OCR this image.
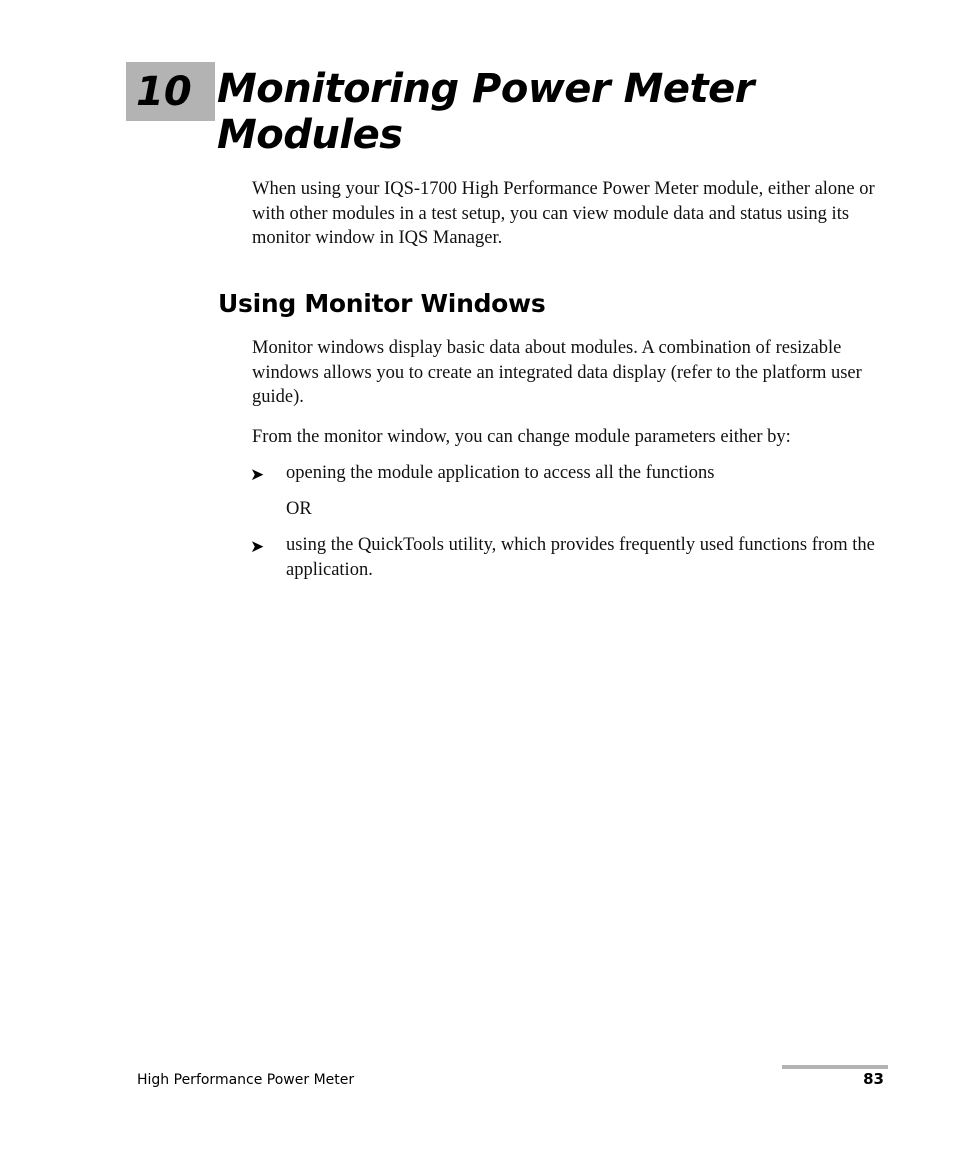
10 Monitoring Power Meter Modules

When using your IQS-1700 High Performance Power Meter module, either alone or with other modules in a test setup, you can view module data and status using its monitor window in IQS Manager.

Using Monitor Windows

Monitor windows display basic data about modules. A combination of resizable windows allows you to create an integrated data display (refer to the platform user guide).

From the monitor window, you can change module parameters either by:

➤ opening the module application to access all the functions

OR

➤ using the QuickTools utility, which provides frequently used functions from the application.

High Performance Power Meter	83
